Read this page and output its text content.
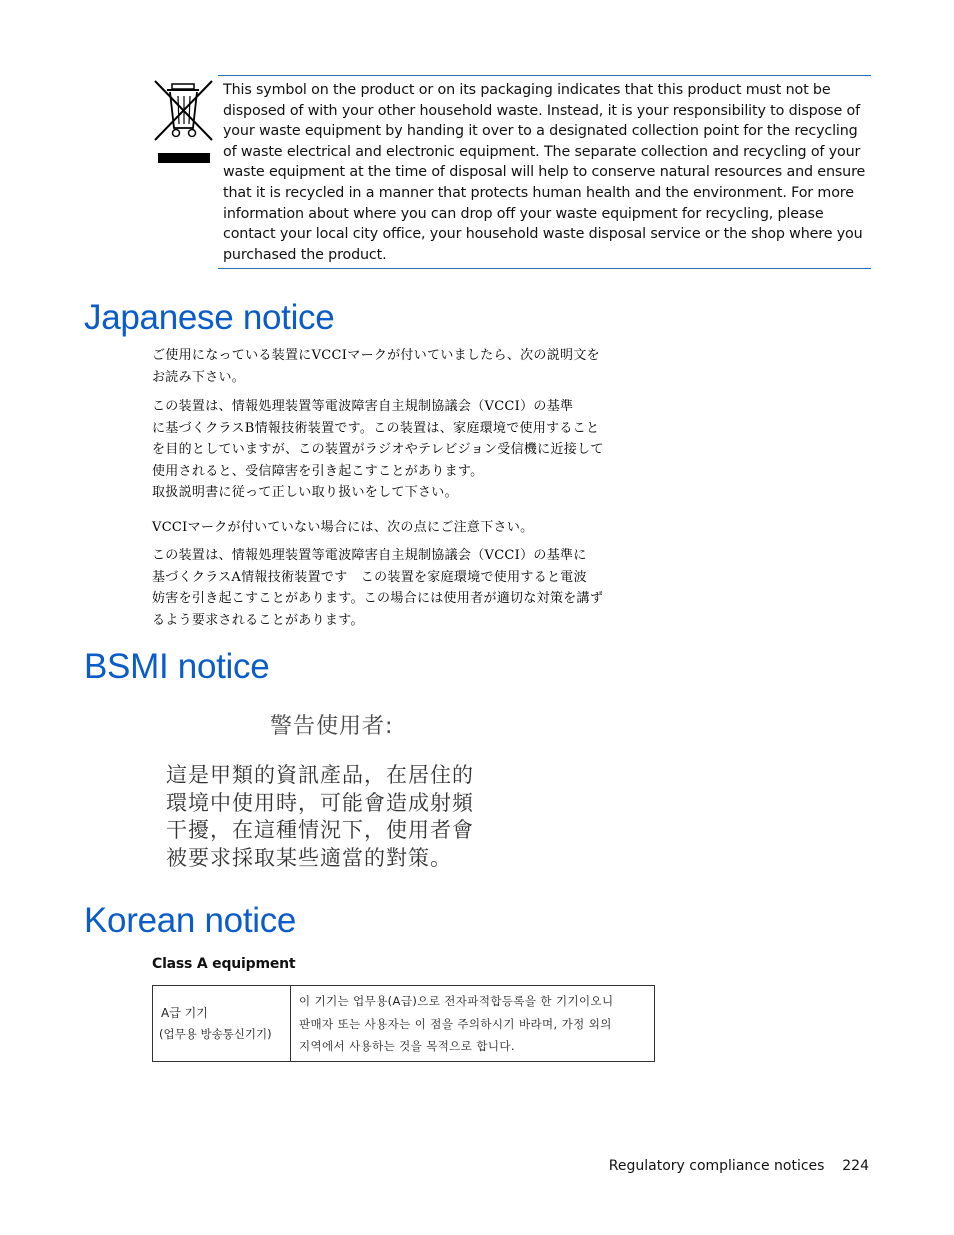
This symbol on the product or on its packaging indicates that this product must not be disposed of with your other household waste. Instead, it is your responsibility to dispose of your waste equipment by handing it over to a designated collection point for the recycling of waste electrical and electronic equipment. The separate collection and recycling of your waste equipment at the time of disposal will help to conserve natural resources and ensure that it is recycled in a manner that protects human health and the environment. For more information about where you can drop off your waste equipment for recycling, please contact your local city office, your household waste disposal service or the shop where you purchased the product.
Japanese notice

ご使用になっている装置にVCCIマークが付いていましたら、次の説明文を

お読み下さい。

この装置は、情報処理装置等電波障害自主規制協議会（VCCI）の基準

に基づくクラスB情報技術装置です。この装置は、家庭環境で使用すること

を目的としていますが、この装置がラジオやテレビジョン受信機に近接して

使用されると、受信障害を引き起こすことがあります。

取扱説明書に従って正しい取り扱いをして下さい。

VCCIマークが付いていない場合には、次の点にご注意下さい。

この装置は、情報処理装置等電波障害自主規制協議会（VCCI）の基準に

基づくクラスA情報技術装置です　この装置を家庭環境で使用すると電波

妨害を引き起こすことがあります。この場合には使用者が適切な対策を講ず

るよう要求されることがあります。

BSMI notice
警告使用者:

這是甲類的資訊產品，在居住的

環境中使用時，可能會造成射頻

干擾，在這種情況下，使用者會

被要求採取某些適當的對策。

Korean notice
Class A equipment
A급 기기
(업무용 방송통신기기)

이 기기는 업무용(A급)으로 전자파적합등록을 한 기기이오니

판매자 또는 사용자는 이 점을 주의하시기 바라며, 가정 외의

지역에서 사용하는 것을 목적으로 합니다.

Regulatory compliance notices 224
